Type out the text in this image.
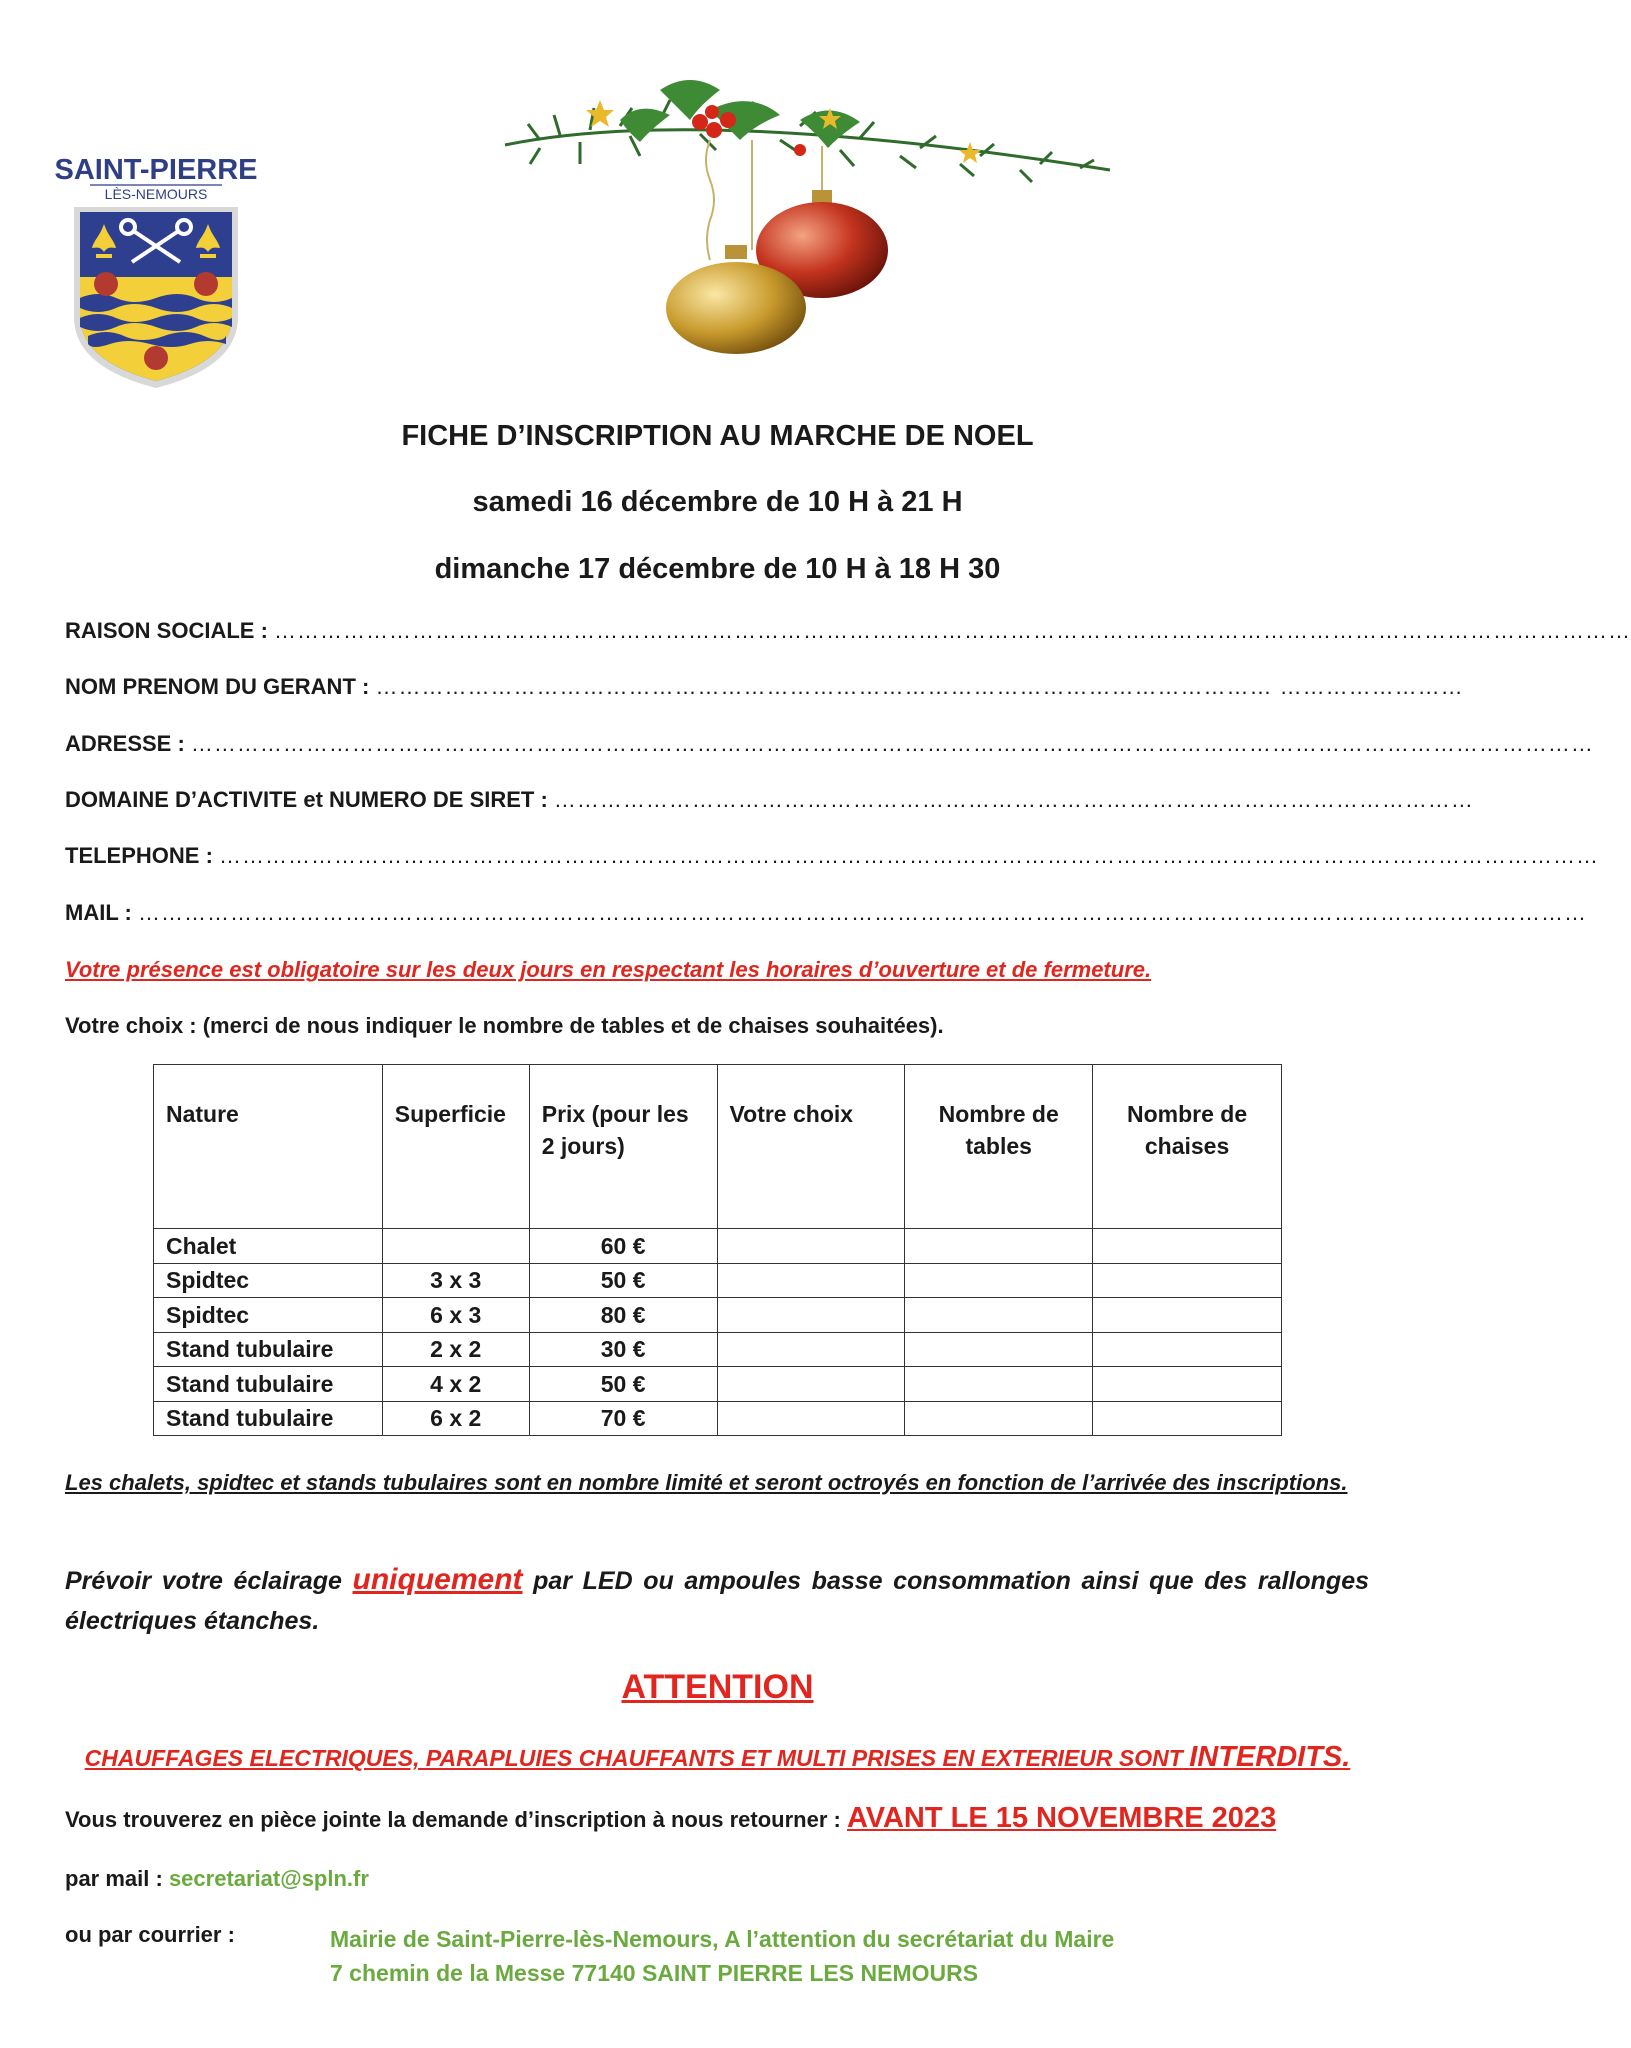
SAINT-PIERRE
LÈS-NEMOURS
FICHE D’INSCRIPTION AU MARCHE DE NOEL
samedi 16 décembre de 10 H à 21 H
dimanche 17 décembre de 10 H à 18 H 30
RAISON SOCIALE : ……………………………………………………………………………………………………………………………………………………………
NOM PRENOM DU GERANT : ……………………………………………………………………………………………………… ……………………
ADRESSE : …………………………………………………………………………………………………………………………………………………………………
DOMAINE D’ACTIVITE et NUMERO DE SIRET : …………………………………………………………………………………………………………
TELEPHONE : ………………………………………………………………………………………………………………………………………………………………
MAIL : ………………………………………………………………………………………………………………………………………………………………………
Votre présence est obligatoire sur les deux jours en respectant les horaires d’ouverture et de fermeture.
Votre choix : (merci de nous indiquer le nombre de tables et de chaises souhaitées).
Nature	Superficie	Prix (pour les 2 jours)	Votre choix	Nombre de tables	Nombre de chaises
Chalet		60 €			
Spidtec	3 x 3	50 €			
Spidtec	6 x 3	80 €			
Stand tubulaire	2 x 2	30 €			
Stand tubulaire	4 x 2	50 €			
Stand tubulaire	6 x 2	70 €			
Les chalets, spidtec et stands tubulaires sont en nombre limité et seront octroyés en fonction de l’arrivée des inscriptions.
Prévoir votre éclairage uniquement par LED ou ampoules basse consommation ainsi que des rallonges électriques étanches.
ATTENTION
CHAUFFAGES ELECTRIQUES, PARAPLUIES CHAUFFANTS ET MULTI PRISES EN EXTERIEUR SONT INTERDITS.
Vous trouverez en pièce jointe la demande d’inscription à nous retourner : AVANT LE 15 NOVEMBRE 2023
par mail : secretariat@spln.fr
ou par courrier :	Mairie de Saint-Pierre-lès-Nemours, A l’attention du secrétariat du Maire
7 chemin de la Messe 77140 SAINT PIERRE LES NEMOURS
